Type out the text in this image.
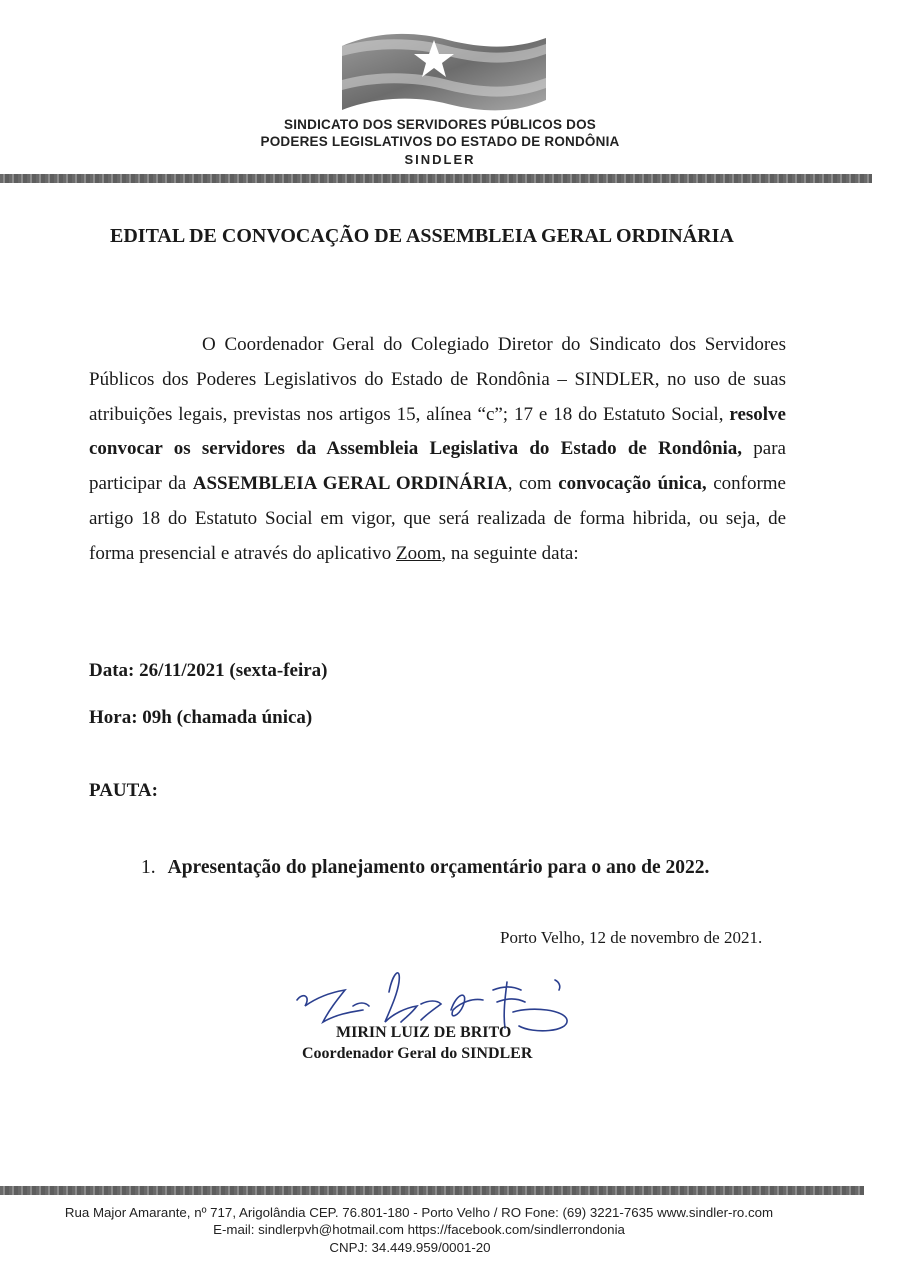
SINDICATO DOS SERVIDORES PÚBLICOS DOS
PODERES LEGISLATIVOS DO ESTADO DE RONDÔNIA
SINDLER
EDITAL DE CONVOCAÇÃO DE ASSEMBLEIA GERAL ORDINÁRIA
O Coordenador Geral do Colegiado Diretor do Sindicato dos Servidores Públicos dos Poderes Legislativos do Estado de Rondônia – SINDLER, no uso de suas atribuições legais, previstas nos artigos 15, alínea “c”; 17 e 18 do Estatuto Social, resolve convocar os servidores da Assembleia Legislativa do Estado de Rondônia, para participar da ASSEMBLEIA GERAL ORDINÁRIA, com convocação única, conforme artigo 18 do Estatuto Social em vigor, que será realizada de forma hibrida, ou seja, de forma presencial e através do aplicativo Zoom, na seguinte data:
Data: 26/11/2021 (sexta-feira)
Hora: 09h (chamada única)
PAUTA:
1. Apresentação do planejamento orçamentário para o ano de 2022.
Porto Velho, 12 de novembro de 2021.
MIRIN LUIZ DE BRITO
Coordenador Geral do SINDLER
Rua Major Amarante, nº 717, Arigolândia CEP. 76.801-180 - Porto Velho / RO Fone: (69) 3221-7635 www.sindler-ro.com
E-mail: sindlerpvh@hotmail.com https://facebook.com/sindlerrondonia
CNPJ: 34.449.959/0001-20
